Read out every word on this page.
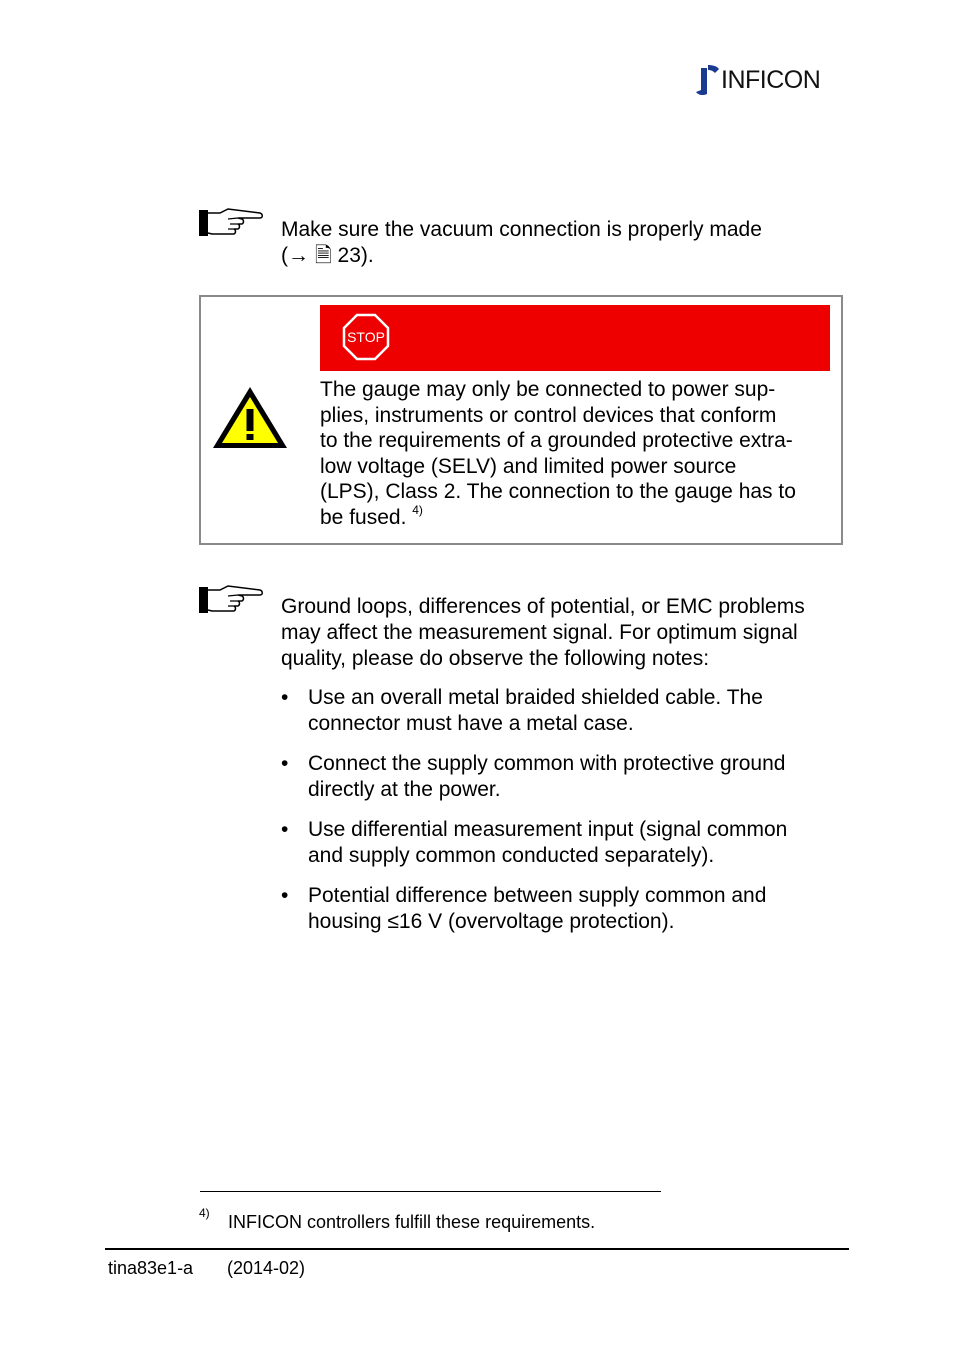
INFICON

Make sure the vacuum connection is properly made
(→ 🗎 23).

STOP
The gauge may only be connected to power sup-
plies, instruments or control devices that conform
to the requirements of a grounded protective extra-
low voltage (SELV) and limited power source
(LPS), Class 2. The connection to the gauge has to
be fused. $^{4)}$

Ground loops, differences of potential, or EMC problems
may affect the measurement signal. For optimum signal
quality, please do observe the following notes:

• Use an overall metal braided shielded cable. The
connector must have a metal case.
• Connect the supply common with protective ground
directly at the power.
• Use differential measurement input (signal common
and supply common conducted separately).
• Potential difference between supply common and
housing ≤16 V (overvoltage protection).
4) INFICON controllers fulfill these requirements.
tina83e1-a (2014-02)
